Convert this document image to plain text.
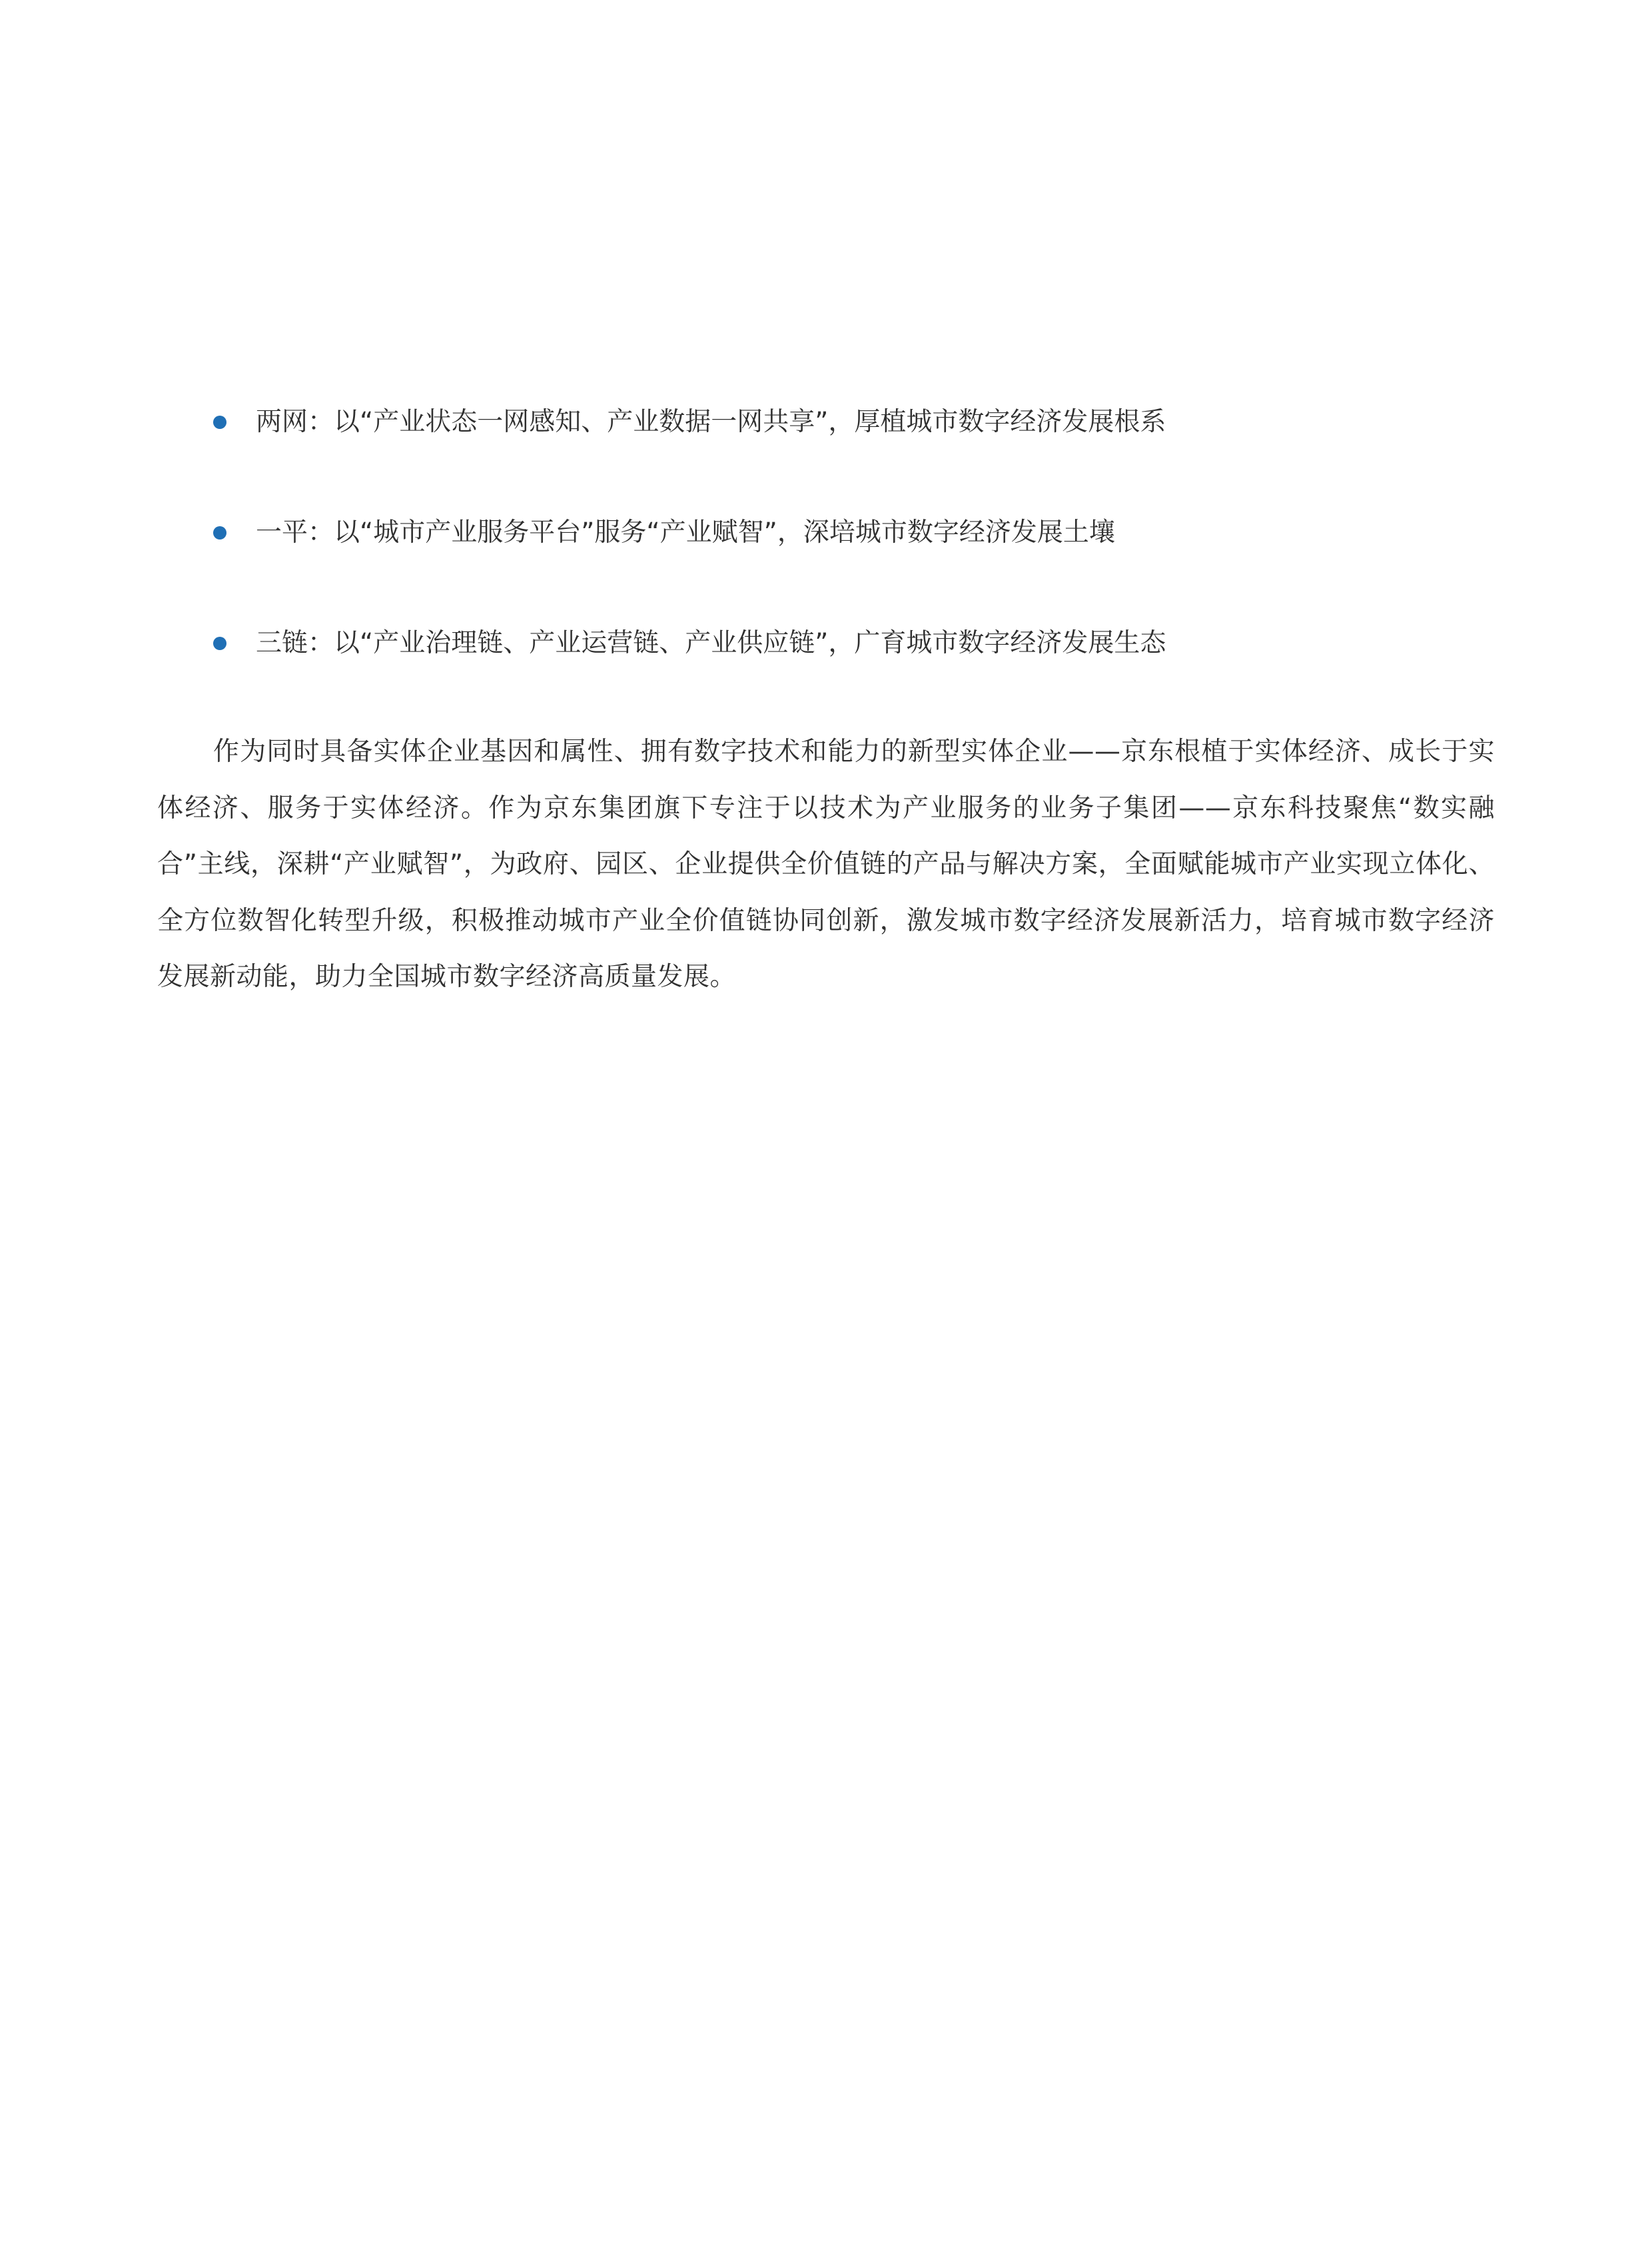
两网：以“产业状态一网感知、产业数据一网共享”，厚植城市数字经济发展根系
一平：以“城市产业服务平台”服务“产业赋智”，深培城市数字经济发展土壤
三链：以“产业治理链、产业运营链、产业供应链”，广育城市数字经济发展生态

作为同时具备实体企业基因和属性、拥有数字技术和能力的新型实体企业——京东根植于实体经济、成长于实体经济、服务于实体经济。作为京东集团旗下专注于以技术为产业服务的业务子集团——京东科技聚焦“数实融合”主线，深耕“产业赋智”，为政府、园区、企业提供全价值链的产品与解决方案，全面赋能城市产业实现立体化、全方位数智化转型升级，积极推动城市产业全价值链协同创新，激发城市数字经济发展新活力，培育城市数字经济发展新动能，助力全国城市数字经济高质量发展。
